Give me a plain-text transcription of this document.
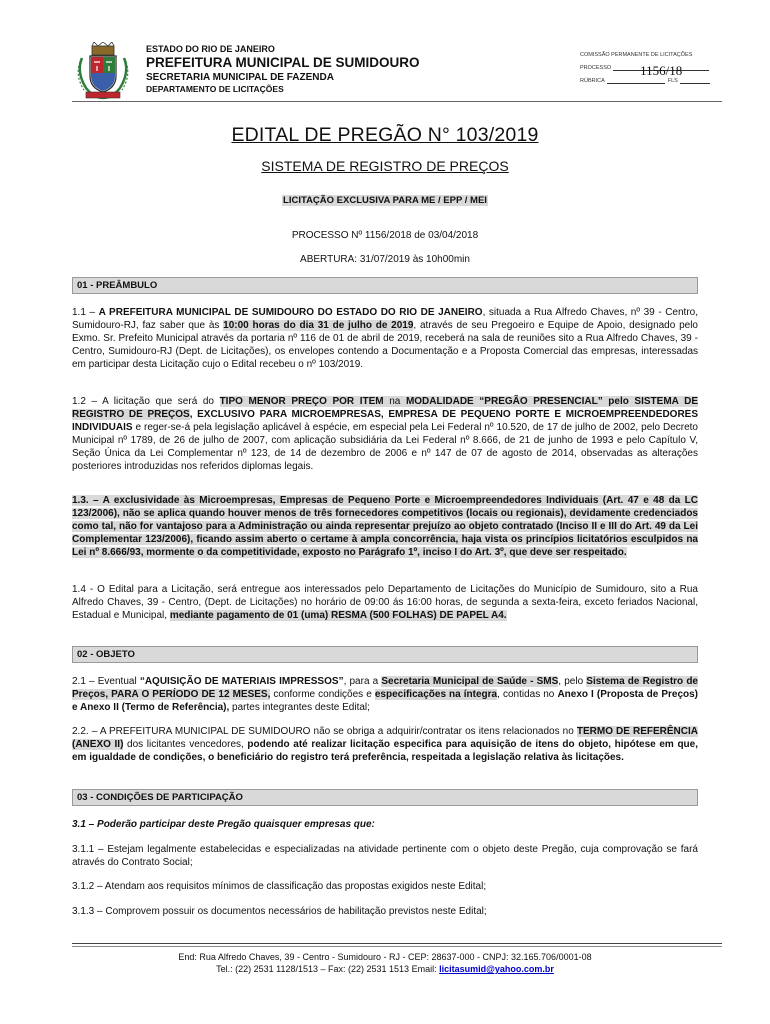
ESTADO DO RIO DE JANEIRO
PREFEITURA MUNICIPAL DE SUMIDOURO
SECRETARIA MUNICIPAL DE FAZENDA
DEPARTAMENTO DE LICITAÇÕES
COMISSÃO PERMANENTE DE LICITAÇÕES
PROCESSO	1156/18
RÚBRICA	FLS
EDITAL DE PREGÃO N° 103/2019
SISTEMA DE REGISTRO DE PREÇOS
LICITAÇÃO EXCLUSIVA PARA ME / EPP / MEI
PROCESSO Nº 1156/2018 de 03/04/2018
ABERTURA: 31/07/2019 às 10h00min
01 - PREÂMBULO
1.1 – A PREFEITURA MUNICIPAL DE SUMIDOURO DO ESTADO DO RIO DE JANEIRO, situada a Rua Alfredo Chaves, nº 39 - Centro, Sumidouro-RJ, faz saber que às 10:00 horas do dia 31 de julho de 2019, através de seu Pregoeiro e Equipe de Apoio, designado pelo Exmo. Sr. Prefeito Municipal através da portaria nº 116 de 01 de abril de 2019, receberá na sala de reuniões sito a Rua Alfredo Chaves, 39 - Centro, Sumidouro-RJ (Dept. de Licitações), os envelopes contendo a Documentação e a Proposta Comercial das empresas, interessadas em participar desta Licitação cujo o Edital recebeu o nº 103/2019.
1.2 – A licitação que será do TIPO MENOR PREÇO POR ITEM na MODALIDADE “PREGÃO PRESENCIAL” pelo SISTEMA DE REGISTRO DE PREÇOS, EXCLUSIVO PARA MICROEMPRESAS, EMPRESA DE PEQUENO PORTE E MICROEMPREENDEDORES INDIVIDUAIS e reger-se-á pela legislação aplicável à espécie, em especial pela Lei Federal nº 10.520, de 17 de julho de 2002, pelo Decreto Municipal nº 1789, de 26 de julho de 2007, com aplicação subsidiária da Lei Federal nº 8.666, de 21 de junho de 1993 e pelo Capítulo V, Seção Única da Lei Complementar nº 123, de 14 de dezembro de 2006 e nº 147 de 07 de agosto de 2014, observadas as alterações posteriores introduzidas nos referidos diplomas legais.
1.3. – A exclusividade às Microempresas, Empresas de Pequeno Porte e Microempreendedores Individuais (Art. 47 e 48 da LC 123/2006), não se aplica quando houver menos de três fornecedores competitivos (locais ou regionais), devidamente credenciados como tal, não for vantajoso para a Administração ou ainda representar prejuízo ao objeto contratado (Inciso II e III do Art. 49 da Lei Complementar 123/2006), ficando assim aberto o certame à ampla concorrência, haja vista os princípios licitatórios esculpidos na Lei nº 8.666/93, mormente o da competitividade, exposto no Parágrafo 1º, inciso I do Art. 3º, que deve ser respeitado.
1.4 - O Edital para a Licitação, será entregue aos interessados pelo Departamento de Licitações do Município de Sumidouro, sito a Rua Alfredo Chaves, 39 - Centro, (Dept. de Licitações) no horário de 09:00 ás 16:00 horas, de segunda a sexta-feira, exceto feriados Nacional, Estadual e Municipal, mediante pagamento de 01 (uma) RESMA (500 FOLHAS) DE PAPEL A4.
02 - OBJETO
2.1 – Eventual “AQUISIÇÃO DE MATERIAIS IMPRESSOS”, para a Secretaria Municipal de Saúde - SMS, pelo Sistema de Registro de Preços, PARA O PERÍODO DE 12 MESES, conforme condições e especificações na íntegra, contidas no Anexo I (Proposta de Preços) e Anexo II (Termo de Referência), partes integrantes deste Edital;
2.2. – A PREFEITURA MUNICIPAL DE SUMIDOURO não se obriga a adquirir/contratar os itens relacionados no TERMO DE REFERÊNCIA (ANEXO II) dos licitantes vencedores, podendo até realizar licitação especifica para aquisição de itens do objeto, hipótese em que, em igualdade de condições, o beneficiário do registro terá preferência, respeitada a legislação relativa às licitações.
03 - CONDIÇÕES DE PARTICIPAÇÃO
3.1 – Poderão participar deste Pregão quaisquer empresas que:
3.1.1 – Estejam legalmente estabelecidas e especializadas na atividade pertinente com o objeto deste Pregão, cuja comprovação se fará através do Contrato Social;
3.1.2 – Atendam aos requisitos mínimos de classificação das propostas exigidos neste Edital;
3.1.3 – Comprovem possuir os documentos necessários de habilitação previstos neste Edital;
End: Rua Alfredo Chaves, 39 - Centro - Sumidouro - RJ - CEP: 28637-000 - CNPJ: 32.165.706/0001-08
Tel.: (22) 2531 1128/1513 – Fax: (22) 2531 1513 Email: licitasumid@yahoo.com.br
